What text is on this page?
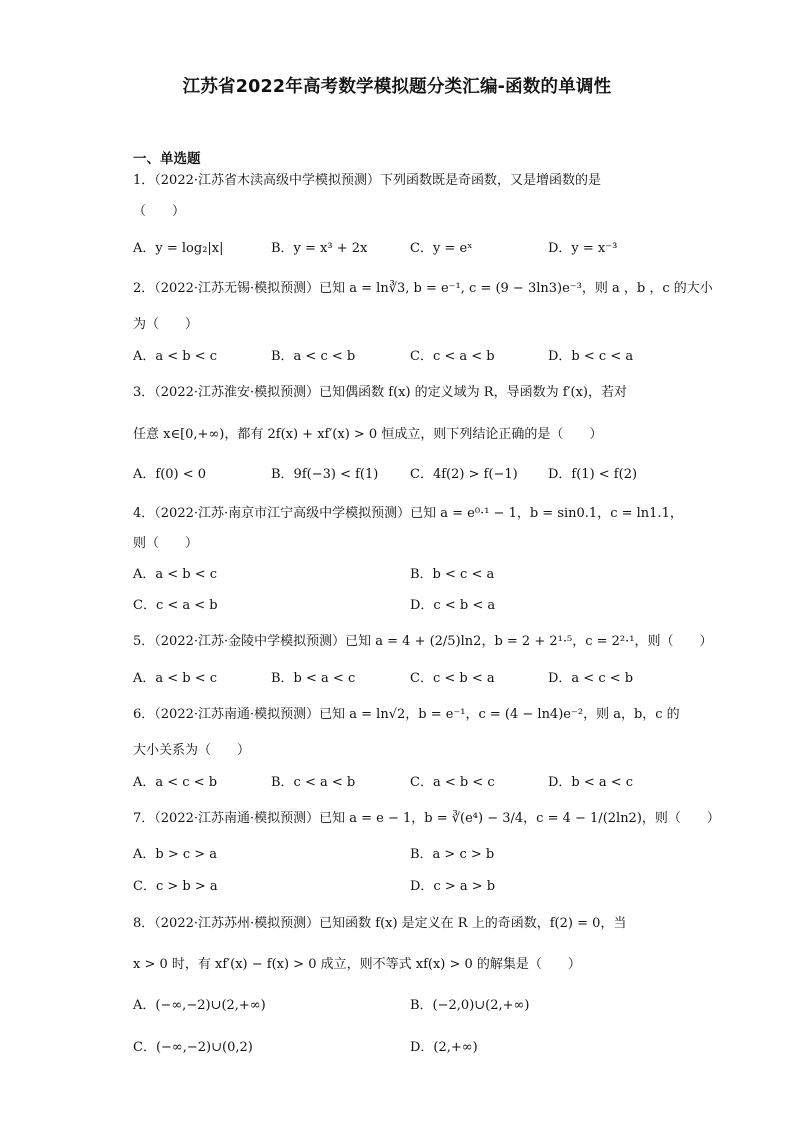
江苏省2022年高考数学模拟题分类汇编-函数的单调性
一、单选题
1．（2022·江苏省木渎高级中学模拟预测）下列函数既是奇函数，又是增函数的是
（　　）
A．y = log₂|x|	B．y = x³ + 2x	C．y = eˣ	D．y = x⁻³
2．（2022·江苏无锡·模拟预测）已知 a = ln∛3, b = e⁻¹, c = (9 − 3ln3)e⁻³，则 a ，b ，c 的大小
为（　　）
A．a < b < c	B．a < c < b	C．c < a < b	D．b < c < a
3．（2022·江苏淮安·模拟预测）已知偶函数 f(x) 的定义域为 R，导函数为 f′(x)，若对
任意 x∈[0,+∞)，都有 2f(x) + xf′(x) > 0 恒成立，则下列结论正确的是（　　）
A．f(0) < 0	B．9f(−3) < f(1) C．4f(2) > f(−1) D．f(1) < f(2)
4．（2022·江苏·南京市江宁高级中学模拟预测）已知 a = e⁰·¹ − 1，b = sin0.1，c = ln1.1，
则（　　）
A．a < b < c	B．b < c < a
C．c < a < b	D．c < b < a
5．（2022·江苏·金陵中学模拟预测）已知 a = 4 + (2/5)ln2，b = 2 + 2¹·⁵，c = 2²·¹，则（　　）
A．a < b < c	B．b < a < c	C．c < b < a	D．a < c < b
6．（2022·江苏南通·模拟预测）已知 a = ln√2，b = e⁻¹，c = (4 − ln4)e⁻²，则 a，b，c 的
大小关系为（　　）
A．a < c < b	B．c < a < b	C．a < b < c	D．b < a < c
7．（2022·江苏南通·模拟预测）已知 a = e − 1，b = ∛(e⁴) − 3/4，c = 4 − 1/(2ln2)，则（　　）
A．b > c > a	B．a > c > b
C．c > b > a	D．c > a > b
8．（2022·江苏苏州·模拟预测）已知函数 f(x) 是定义在 R 上的奇函数，f(2) = 0，当
x > 0 时，有 xf′(x) − f(x) > 0 成立，则不等式 xf(x) > 0 的解集是（　　）
A．(−∞,−2)∪(2,+∞)	B．(−2,0)∪(2,+∞)
C．(−∞,−2)∪(0,2)	D．(2,+∞)
